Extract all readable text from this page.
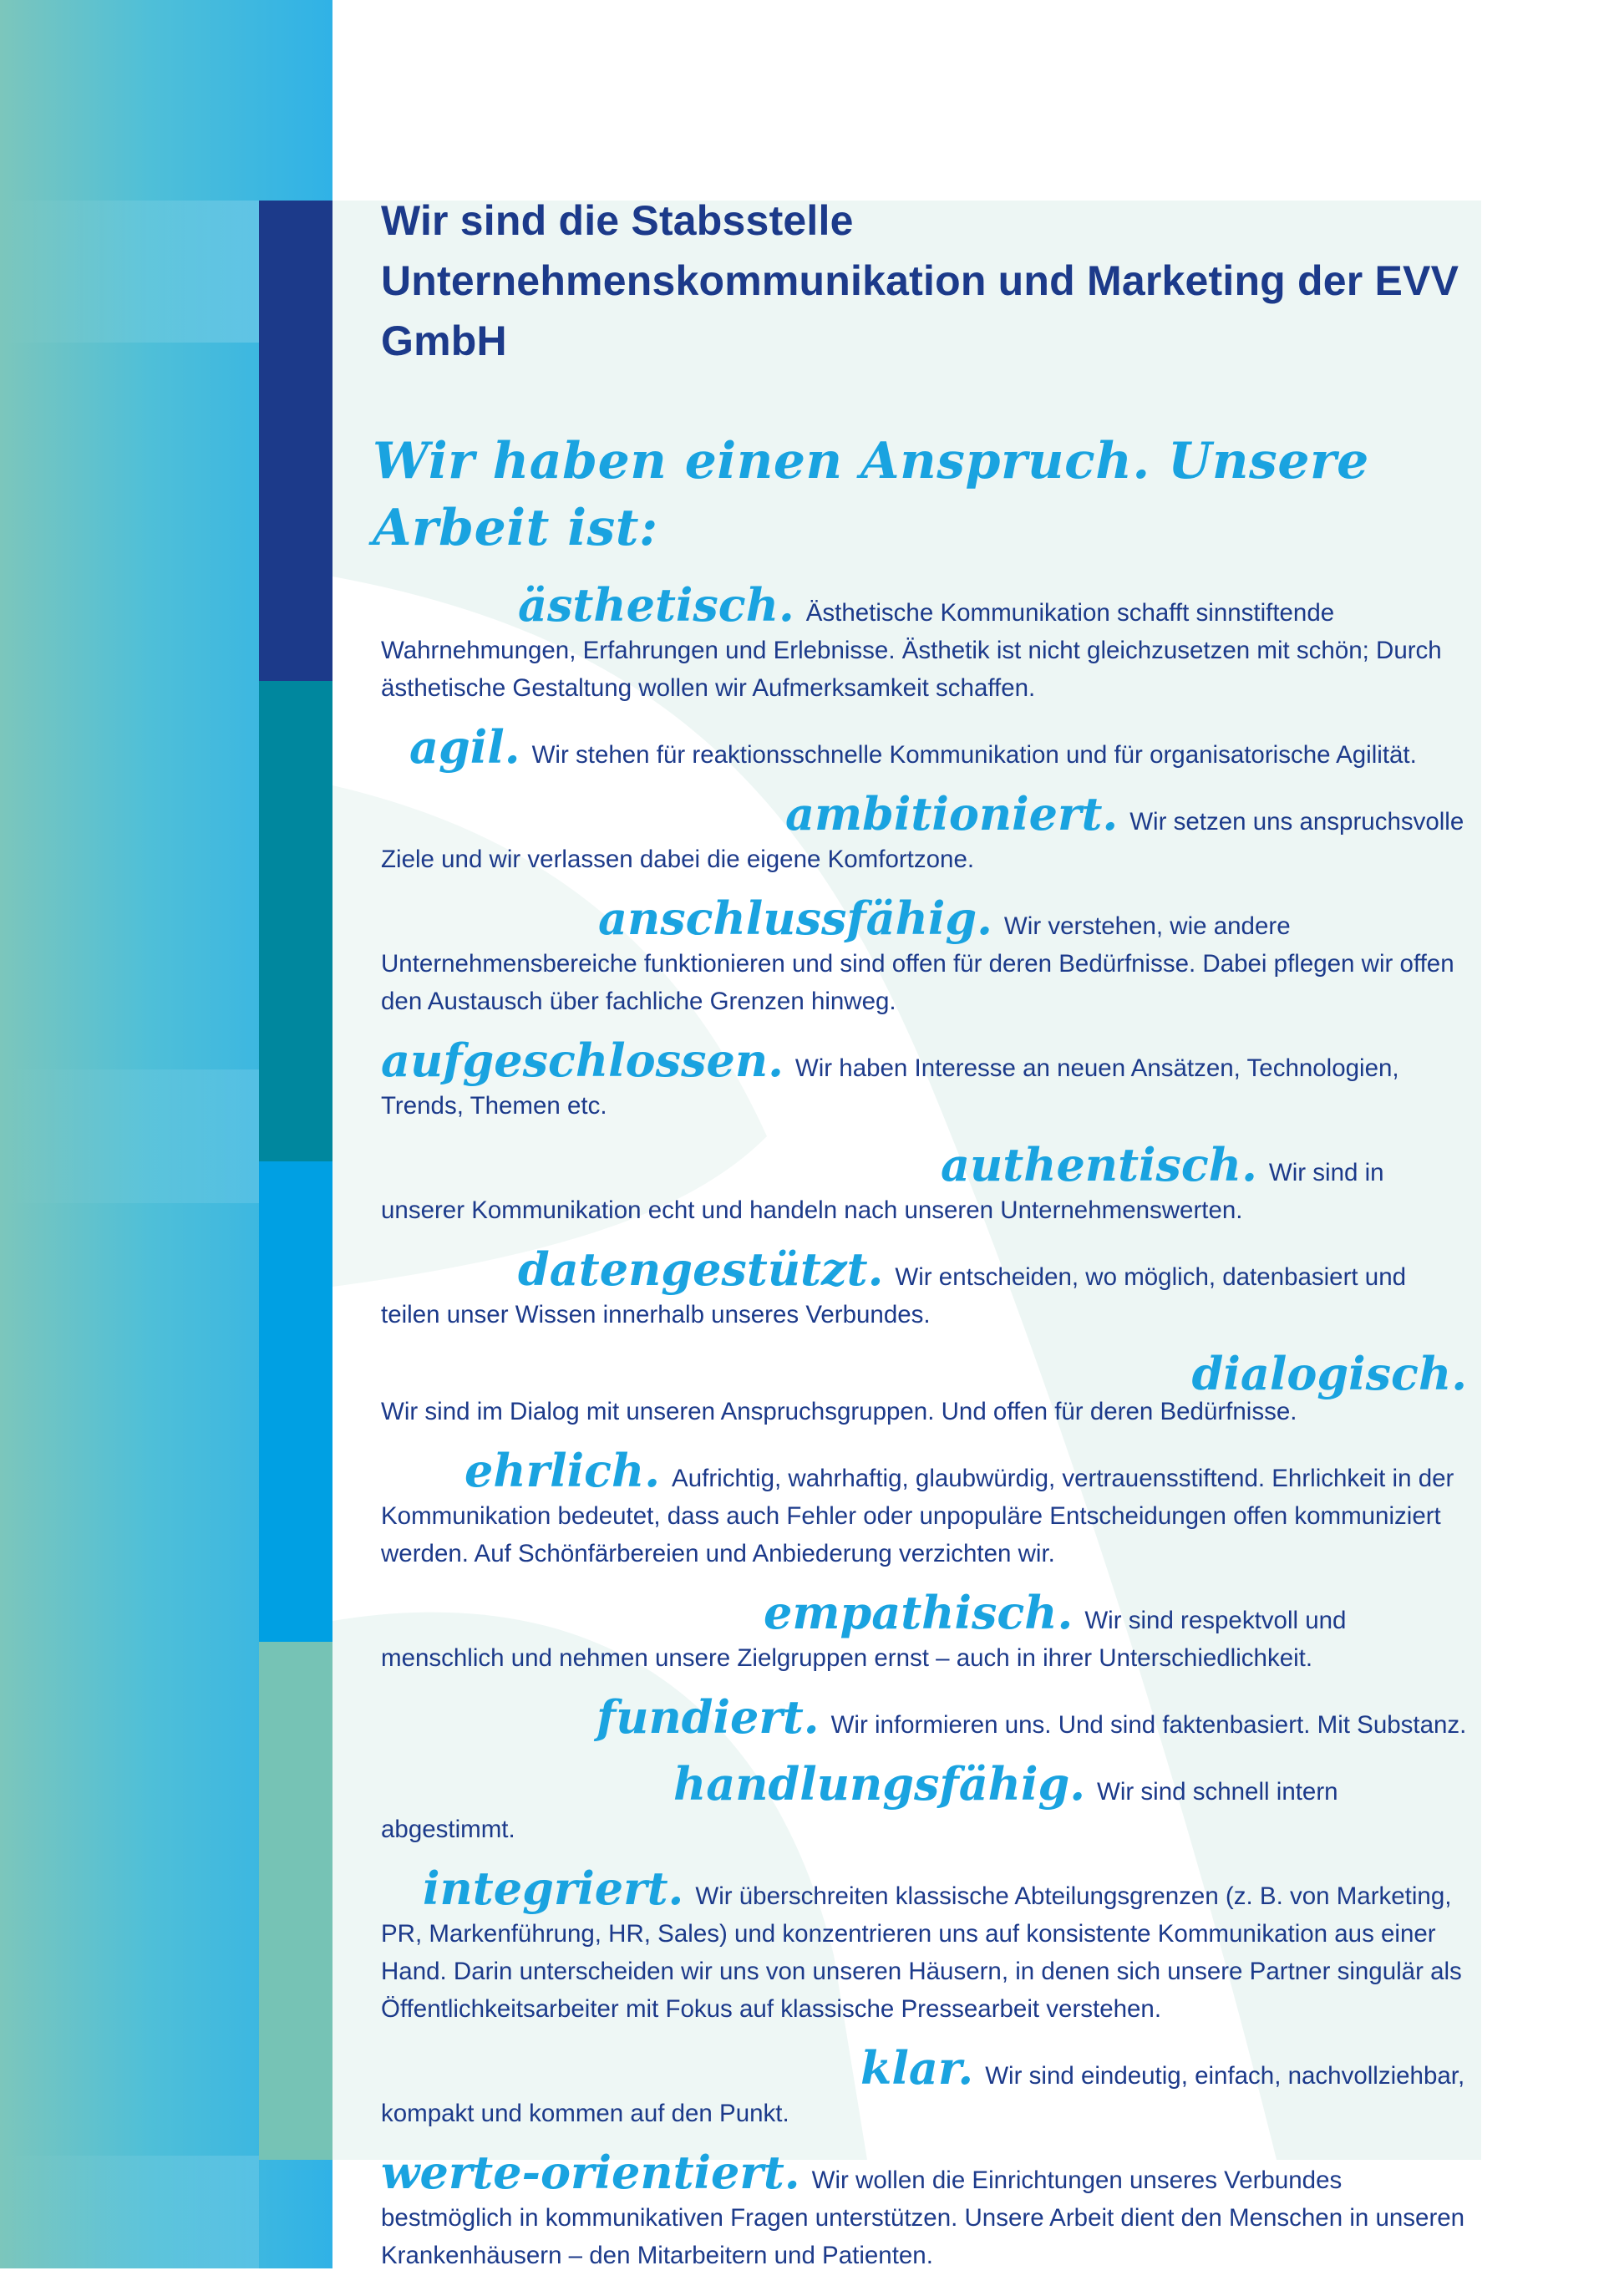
Wir sind die Stabsstelle Unternehmenskommunikation und Marketing der EVV GmbH
Wir haben einen Anspruch. Unsere Arbeit ist:

ästhetisch. Ästhetische Kommunikation schafft sinnstiftende Wahrnehmungen, Erfahrungen und Erlebnisse. Ästhetik ist nicht gleichzusetzen mit schön; Durch ästhetische Gestaltung wollen wir Aufmerksamkeit schaffen.

agil. Wir stehen für reaktionsschnelle Kommunikation und für organisatorische Agilität.

ambitioniert. Wir setzen uns anspruchsvolle Ziele und wir verlassen dabei die eigene Komfortzone.

anschlussfähig. Wir verstehen, wie andere Unternehmensbereiche funktionieren und sind offen für deren Bedürfnisse. Dabei pflegen wir offen den Austausch über fachliche Grenzen hinweg.

aufgeschlossen. Wir haben Interesse an neuen Ansätzen, Technologien, Trends, Themen etc.

authentisch. Wir sind in unserer Kommunikation echt und handeln nach unseren Unternehmenswerten.

datengestützt. Wir entscheiden, wo möglich, datenbasiert und teilen unser Wissen innerhalb unseres Verbundes.

dialogisch.
Wir sind im Dialog mit unseren Anspruchsgruppen. Und offen für deren Bedürfnisse.

ehrlich. Aufrichtig, wahrhaftig, glaubwürdig, vertrauensstiftend. Ehrlichkeit in der Kommunikation bedeutet, dass auch Fehler oder unpopuläre Entscheidungen offen kommuniziert werden. Auf Schönfärbereien und Anbiederung verzichten wir.

empathisch. Wir sind respektvoll und menschlich und nehmen unsere Zielgruppen ernst – auch in ihrer Unterschiedlichkeit.

fundiert. Wir informieren uns. Und sind faktenbasiert. Mit Substanz.

handlungsfähig. Wir sind schnell intern abgestimmt.

integriert. Wir überschreiten klassische Abteilungsgrenzen (z. B. von Marketing, PR, Markenführung, HR, Sales) und konzentrieren uns auf konsistente Kommunikation aus einer Hand. Darin unterscheiden wir uns von unseren Häusern, in denen sich unsere Partner singulär als Öffentlichkeitsarbeiter mit Fokus auf klassische Pressearbeit verstehen.

klar. Wir sind eindeutig, einfach, nachvollziehbar, kompakt und kommen auf den Punkt.

werte-orientiert. Wir wollen die Einrichtungen unseres Verbundes bestmöglich in kommunikativen Fragen unterstützen. Unsere Arbeit dient den Menschen in unseren Krankenhäusern – den Mitarbeitern und Patienten.
